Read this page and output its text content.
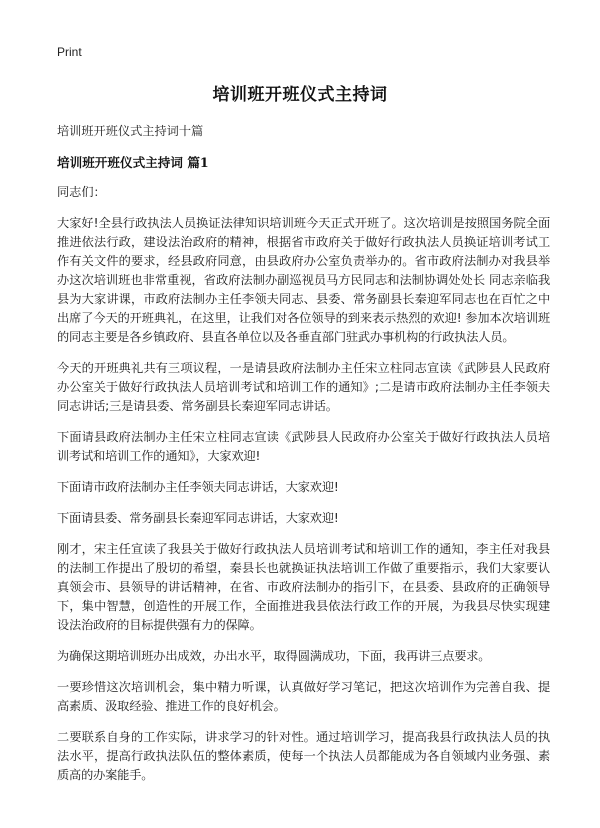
Print
培训班开班仪式主持词

培训班开班仪式主持词十篇

培训班开班仪式主持词 篇1

同志们：

大家好!全县行政执法人员换证法律知识培训班今天正式开班了。这次培训是按照国务院全面推进依法行政，建设法治政府的精神，根据省市政府关于做好行政执法人员换证培训考试工作有关文件的要求，经县政府同意，由县政府办公室负责举办的。省市政府法制办对我县举办这次培训班也非常重视，省政府法制办副巡视员马方民同志和法制协调处处长 同志亲临我县为大家讲课，市政府法制办主任李领夫同志、县委、常务副县长秦迎军同志也在百忙之中出席了今天的开班典礼，在这里，让我们对各位领导的到来表示热烈的欢迎! 参加本次培训班的同志主要是各乡镇政府、县直各单位以及各垂直部门驻武办事机构的行政执法人员。

今天的开班典礼共有三项议程，一是请县政府法制办主任宋立柱同志宣读《武陟县人民政府办公室关于做好行政执法人员培训考试和培训工作的通知》;二是请市政府法制办主任李领夫同志讲话;三是请县委、常务副县长秦迎军同志讲话。

下面请县政府法制办主任宋立柱同志宣读《武陟县人民政府办公室关于做好行政执法人员培训考试和培训工作的通知》，大家欢迎!

下面请市政府法制办主任李领夫同志讲话，大家欢迎!

下面请县委、常务副县长秦迎军同志讲话，大家欢迎!

刚才，宋主任宣读了我县关于做好行政执法人员培训考试和培训工作的通知，李主任对我县的法制工作提出了殷切的希望，秦县长也就换证执法培训工作做了重要指示，我们大家要认真领会市、县领导的讲话精神，在省、市政府法制办的指引下，在县委、县政府的正确领导下，集中智慧，创造性的开展工作，全面推进我县依法行政工作的开展，为我县尽快实现建设法治政府的目标提供强有力的保障。

为确保这期培训班办出成效，办出水平，取得圆满成功，下面，我再讲三点要求。

一要珍惜这次培训机会，集中精力听课，认真做好学习笔记，把这次培训作为完善自我、提高素质、汲取经验、推进工作的良好机会。

二要联系自身的工作实际，讲求学习的针对性。通过培训学习，提高我县行政执法人员的执法水平，提高行政执法队伍的整体素质，使每一个执法人员都能成为各自领域内业务强、素质高的办案能手。
